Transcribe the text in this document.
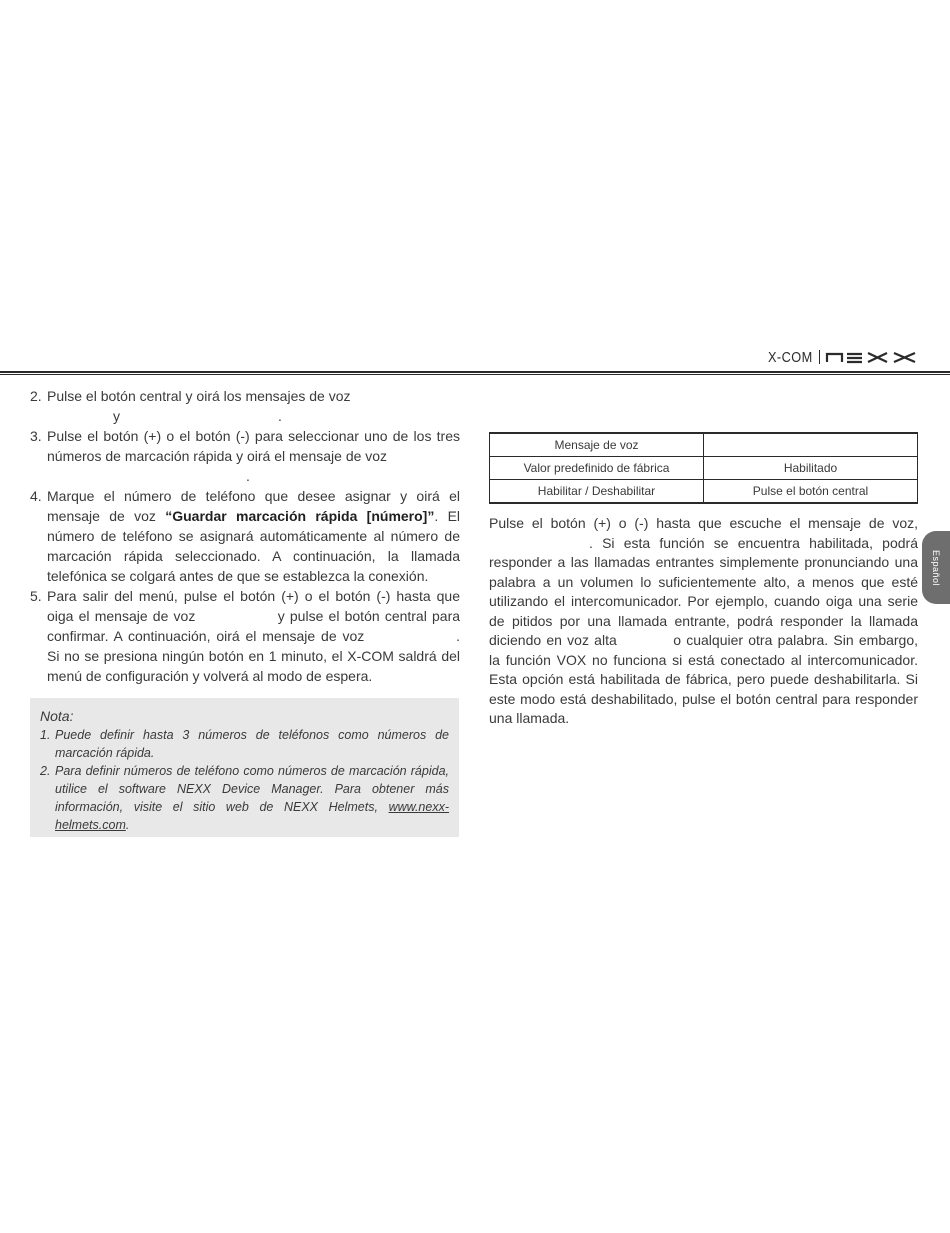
X-COM
Español
2. Pulse el botón central y oirá los mensajes de voz
y	.
3. Pulse el botón (+) o el botón (-) para seleccionar uno de los tres números de marcación rápida y oirá el mensaje de voz
.
4. Marque el número de teléfono que desee asignar y oirá el mensaje de voz “Guardar marcación rápida [número]”. El número de teléfono se asignará automáticamente al número de marcación rápida seleccionado. A continuación, la llamada telefónica se colgará antes de que se establezca la conexión.
5. Para salir del menú, pulse el botón (+) o el botón (-) hasta que oiga el mensaje de voz	y pulse el botón central para confirmar. A continuación, oirá el mensaje de voz	. Si no se presiona ningún botón en 1 minuto, el X-COM saldrá del menú de configuración y volverá al modo de espera.
Nota:
1. Puede definir hasta 3 números de teléfonos como números de marcación rápida.
2. Para definir números de teléfono como números de marcación rápida, utilice el software NEXX Device Manager. Para obtener más información, visite el sitio web de NEXX Helmets, www.nexx-helmets.com.
Mensaje de voz	
Valor predefinido de fábrica	Habilitado
Habilitar / Deshabilitar	Pulse el botón central
Pulse el botón (+) o (-) hasta que escuche el mensaje de voz, . Si esta función se encuentra habilitada, podrá responder a las llamadas entrantes simplemente pronunciando una palabra a un volumen lo suficientemente alto, a menos que esté utilizando el intercomunicador. Por ejemplo, cuando oiga una serie de pitidos por una llamada entrante, podrá responder la llamada diciendo en voz alta	o cualquier otra palabra. Sin embargo, la función VOX no funciona si está conectado al intercomunicador. Esta opción está habilitada de fábrica, pero puede deshabilitarla. Si este modo está deshabilitado, pulse el botón central para responder una llamada.
